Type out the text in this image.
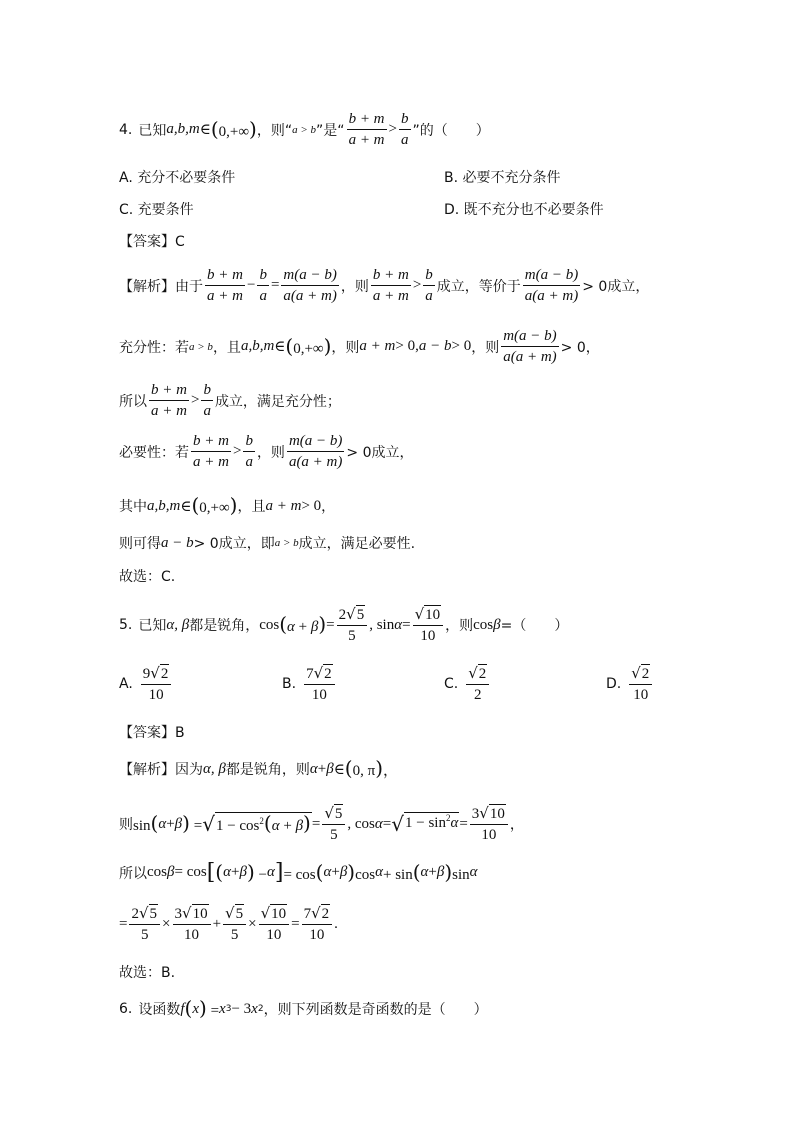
4. 已知 a,b,m ∈ (0,+∞) ，则“ a > b ”是“ $\frac{b + m}{a + m} > \frac{b}{a}$ ”的（　　）
A. 充分不必要条件	B. 必要不充分条件
C. 充要条件	D. 既不充分也不必要条件
【答案】C
【解析】 由于 $\frac{b + m}{a + m} - \frac{b}{a} = \frac{m(a - b)}{a(a + m)}$ ，则 $\frac{b + m}{a + m} > \frac{b}{a}$ 成立，等价于 $\frac{m(a - b)}{a(a + m)} > 0$成立，
充分性：若 a > b ，且 a,b,m ∈ (0,+∞) ，则 a + m > 0, a − b > 0 ，则 $\frac{m(a - b)}{a(a + m)} > 0$，
所以 $\frac{b + m}{a + m} > \frac{b}{a}$ 成立，满足充分性；
必要性：若 $\frac{b + m}{a + m} > \frac{b}{a}$ ，则 $\frac{m(a - b)}{a(a + m)} > 0$成立，
其中 a,b,m ∈ (0,+∞) ，且 a + m > 0 ，
则可得 a − b > 0成立，即 a > b 成立，满足必要性.
故选：C.
5. 已知 α, β 都是锐角， $\cos (\alpha + \beta) = \frac{2 √ 5}{5}$ , $\sin \alpha = \frac{√ 10}{10}$ ，则 cos β =（　　）
A. $\frac{9 √ 2}{10}$	B. $\frac{7 √ 2}{10}$	C. $\frac{√ 2}{2}$	D. $\frac{√ 2}{10}$
【答案】B
【解析】 因为 α, β 都是锐角，则 α + β ∈ (0, π)，
则 sin( α + β ) = √ $1 - \cos^2(\alpha + \beta) = \frac{√ 5}{5}$ , cos α = √ $1 - \sin^2\alpha = \frac{3 √ 10}{10}$ ，
所以 cos β = cos [ ( α + β ) − α ] = cos( α + β )cos α + sin( α + β )sin α
= $\frac{2 √ 5}{5} \times \frac{3 √ 10}{10} + \frac{√ 5}{5} \times \frac{√ 10}{10} = \frac{7 √ 2}{10}$ .
故选：B.
6. 设函数 f ( x ) = x 3 − 3 x 2 ，则下列函数是奇函数的是（　　）
